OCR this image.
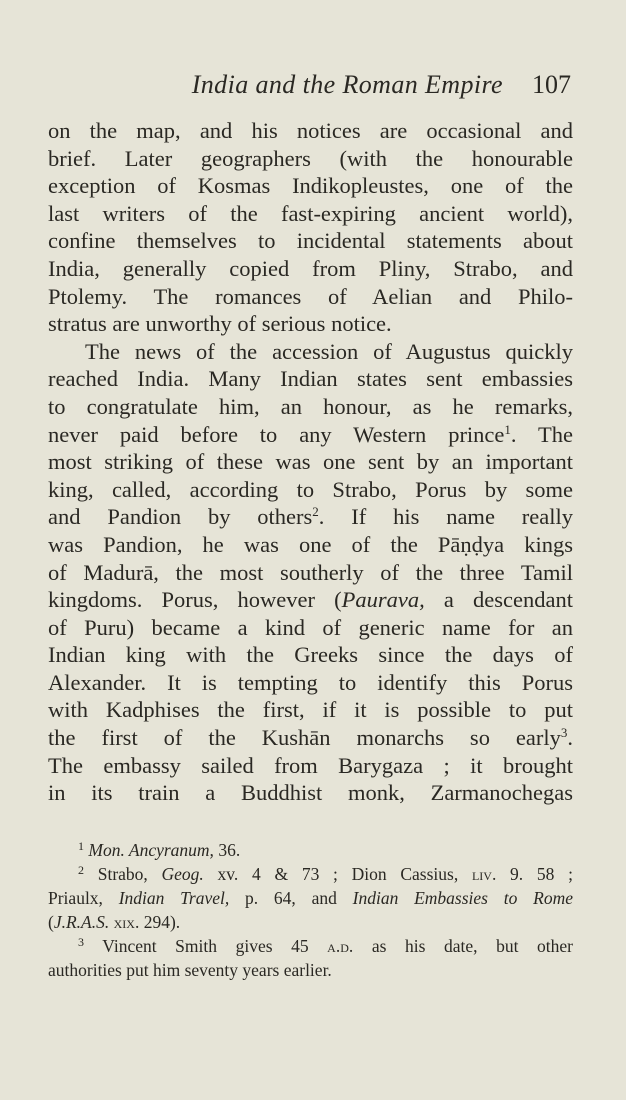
India and the Roman Empire 107
on the map, and his notices are occasional and
brief. Later geographers (with the honourable
exception of Kosmas Indikopleustes, one of the
last writers of the fast-expiring ancient world),
confine themselves to incidental statements about
India, generally copied from Pliny, Strabo, and
Ptolemy. The romances of Aelian and Philo-
stratus are unworthy of serious notice.
The news of the accession of Augustus quickly
reached India. Many Indian states sent embassies
to congratulate him, an honour, as he remarks,
never paid before to any Western prince$^1$. The
most striking of these was one sent by an important
king, called, according to Strabo, Porus by some
and Pandion by others$^2$. If his name really
was Pandion, he was one of the Pāṇḍya kings
of Madurā, the most southerly of the three Tamil
kingdoms. Porus, however (Paurava, a descendant
of Puru) became a kind of generic name for an
Indian king with the Greeks since the days of
Alexander. It is tempting to identify this Porus
with Kadphises the first, if it is possible to put
the first of the Kushān monarchs so early$^3$.
The embassy sailed from Barygaza ; it brought
in its train a Buddhist monk, Zarmanochegas
$^1$ Mon. Ancyranum, 36.
$^2$ Strabo, Geog. xv. 4 & 73 ; Dion Cassius, liv. 9. 58 ;
Priaulx, Indian Travel, p. 64, and Indian Embassies to Rome
(J.R.A.S. xix. 294).
$^3$ Vincent Smith gives 45 a.d. as his date, but other
authorities put him seventy years earlier.
